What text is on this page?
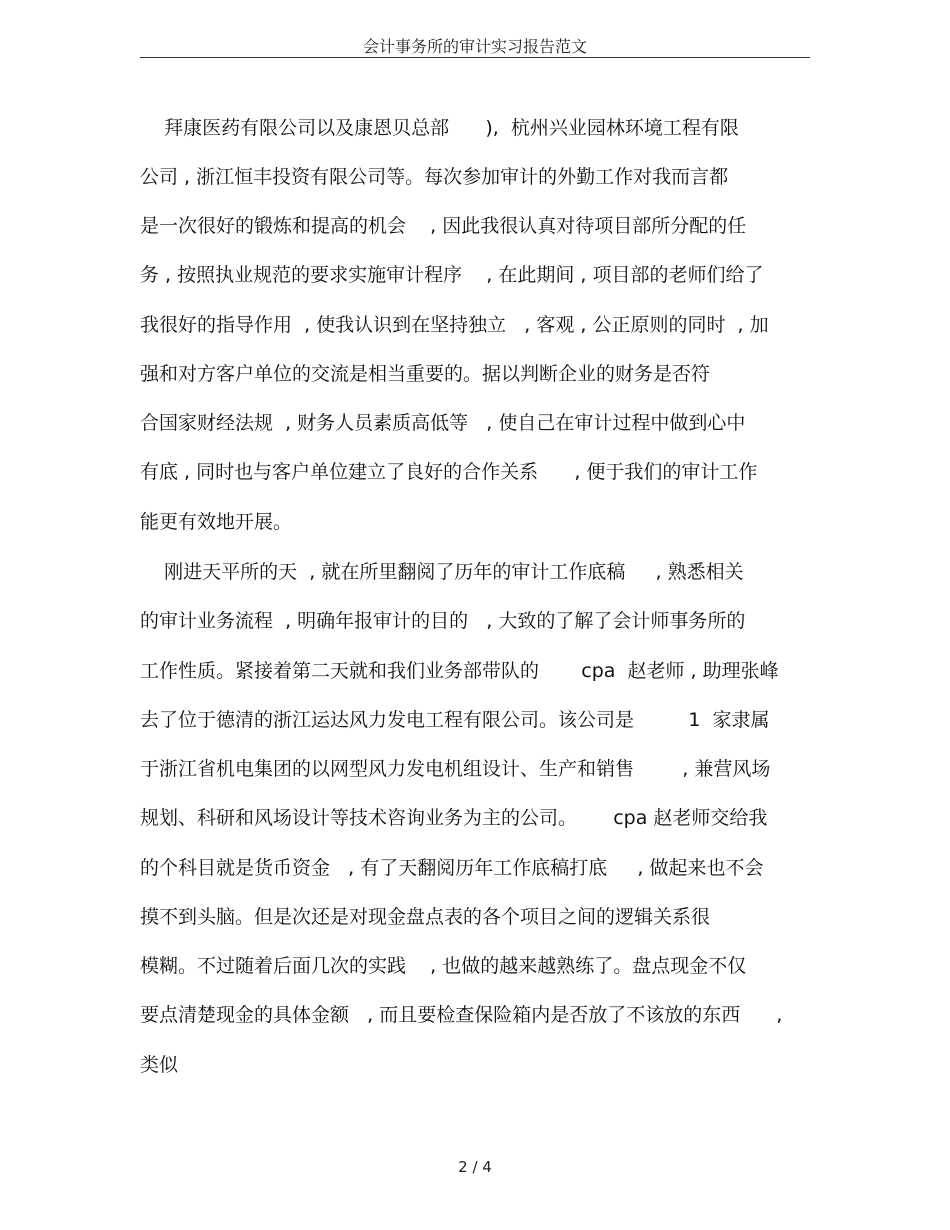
会计事务所的审计实习报告范文
拜康医药有限公司以及康恩贝总部      ),  杭州兴业园林环境工程有限
公司 , 浙江恒丰投资有限公司等。每次参加审计的外勤工作对我而言都
是一次很好的锻炼和提高的机会    , 因此我很认真对待项目部所分配的任
务 , 按照执业规范的要求实施审计程序    , 在此期间 , 项目部的老师们给了
我很好的指导作用  , 使我认识到在坚持独立   , 客观 , 公正原则的同时  , 加
强和对方客户单位的交流是相当重要的。据以判断企业的财务是否符
合国家财经法规  , 财务人员素质高低等   , 使自己在审计过程中做到心中
有底 , 同时也与客户单位建立了良好的合作关系      , 便于我们的审计工作
能更有效地开展。
刚进天平所的天  , 就在所里翻阅了历年的审计工作底稿     , 熟悉相关
的审计业务流程  , 明确年报审计的目的   , 大致的了解了会计师事务所的
工作性质。紧接着第二天就和我们业务部带队的       cpa  赵老师 , 助理张峰
去了位于德清的浙江运达风力发电工程有限公司。该公司是         1  家隶属
于浙江省机电集团的以网型风力发电机组设计、生产和销售        , 兼营风场
规划、科研和风场设计等技术咨询业务为主的公司。      cpa 赵老师交给我
的个科目就是货币资金   , 有了天翻阅历年工作底稿打底     , 做起来也不会
摸不到头脑。但是次还是对现金盘点表的各个项目之间的逻辑关系很
模糊。不过随着后面几次的实践    , 也做的越来越熟练了。盘点现金不仅
要点清楚现金的具体金额   , 而且要检查保险箱内是否放了不该放的东西      ,
类似
2 / 4
